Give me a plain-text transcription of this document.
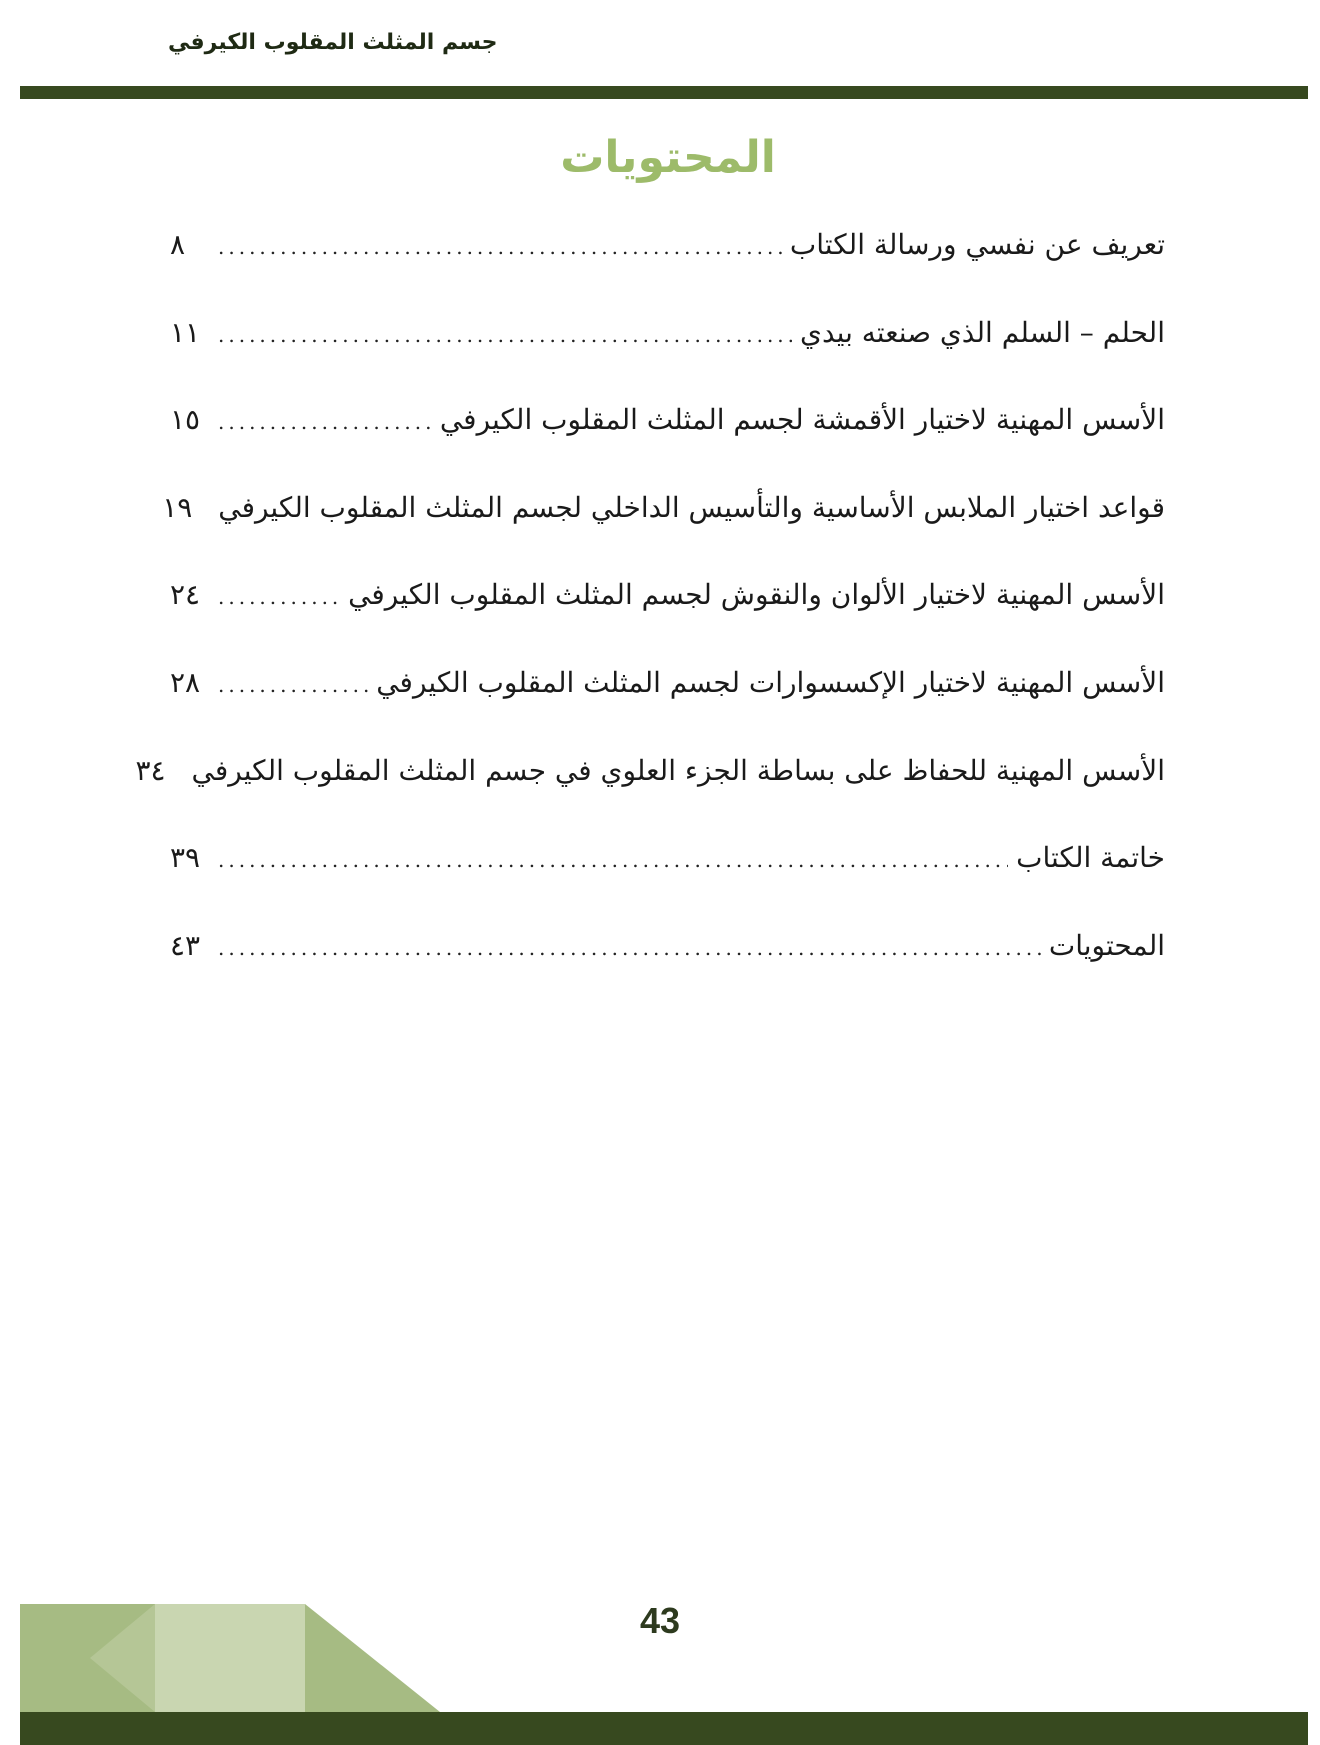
جسم المثلث المقلوب الكيرفي
المحتويات
تعريف عن نفسي ورسالة الكتاب
.....
٨
الحلم – السلم الذي صنعته بيدي
.....
١١
الأسس المهنية لاختيار الأقمشة لجسم المثلث المقلوب الكيرفي
.....
١٥
قواعد اختيار الملابس الأساسية والتأسيس الداخلي لجسم المثلث المقلوب الكيرفي
١٩
الأسس المهنية لاختيار الألوان والنقوش لجسم المثلث المقلوب الكيرفي
.....
٢٤
الأسس المهنية لاختيار الإكسسوارات لجسم المثلث المقلوب الكيرفي
.....
٢٨
الأسس المهنية للحفاظ على بساطة الجزء العلوي في جسم المثلث المقلوب الكيرفي
٣٤
خاتمة الكتاب
.....
٣٩
المحتويات
.....
٤٣
43
